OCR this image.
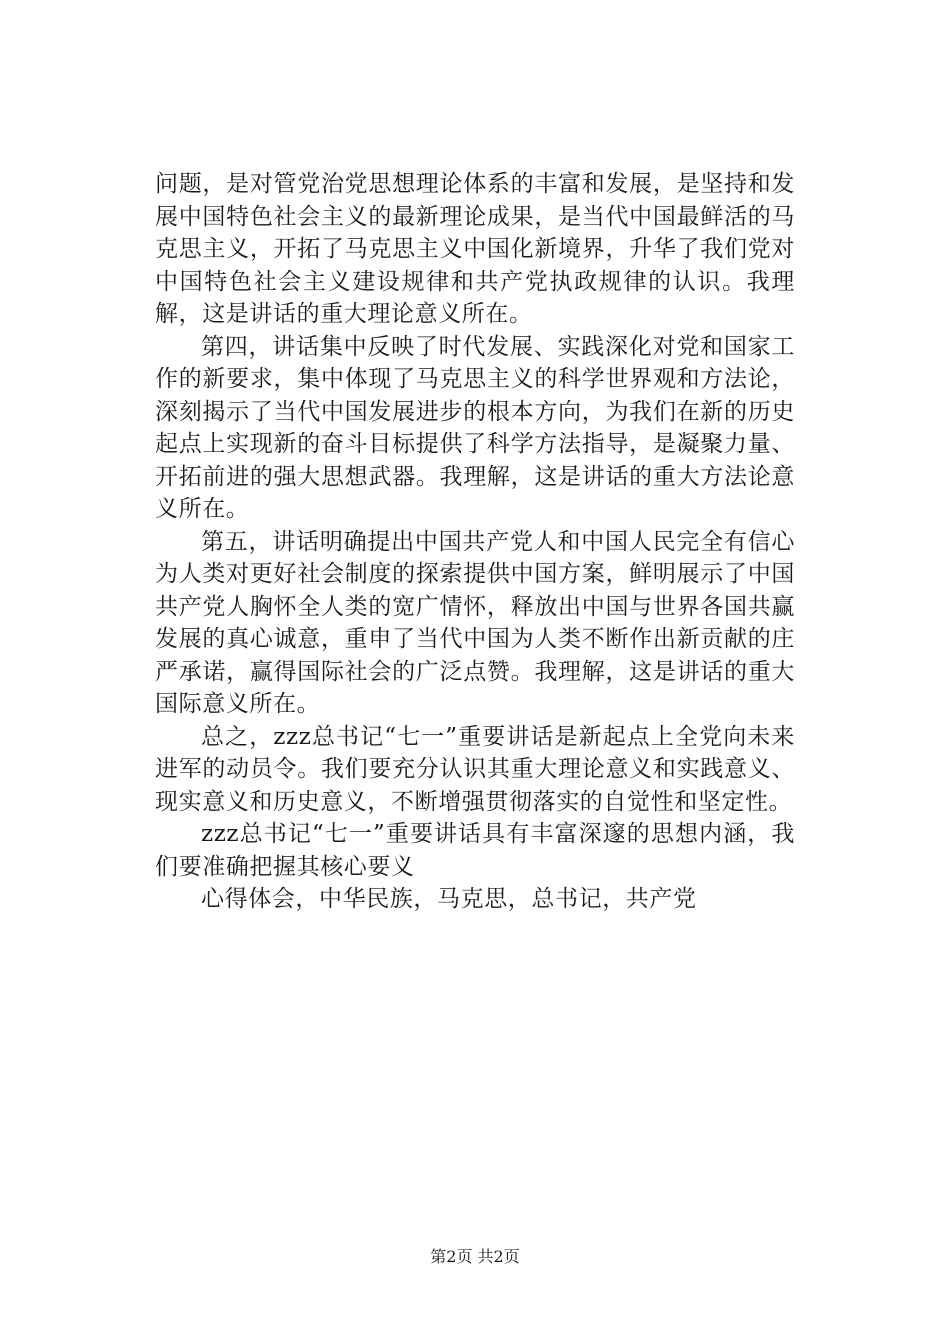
问题，是对管党治党思想理论体系的丰富和发展，是坚持和发展中国特色社会主义的最新理论成果，是当代中国最鲜活的马克思主义，开拓了马克思主义中国化新境界，升华了我们党对中国特色社会主义建设规律和共产党执政规律的认识。我理解，这是讲话的重大理论意义所在。

第四，讲话集中反映了时代发展、实践深化对党和国家工作的新要求，集中体现了马克思主义的科学世界观和方法论，深刻揭示了当代中国发展进步的根本方向，为我们在新的历史起点上实现新的奋斗目标提供了科学方法指导，是凝聚力量、开拓前进的强大思想武器。我理解，这是讲话的重大方法论意义所在。

第五，讲话明确提出中国共产党人和中国人民完全有信心为人类对更好社会制度的探索提供中国方案，鲜明展示了中国共产党人胸怀全人类的宽广情怀，释放出中国与世界各国共赢发展的真心诚意，重申了当代中国为人类不断作出新贡献的庄严承诺，赢得国际社会的广泛点赞。我理解，这是讲话的重大国际意义所在。

总之，zzz总书记“七一”重要讲话是新起点上全党向未来进军的动员令。我们要充分认识其重大理论意义和实践意义、现实意义和历史意义，不断增强贯彻落实的自觉性和坚定性。

zzz总书记“七一”重要讲话具有丰富深邃的思想内涵，我们要准确把握其核心要义

心得体会，中华民族，马克思，总书记，共产党

第2页 共2页
